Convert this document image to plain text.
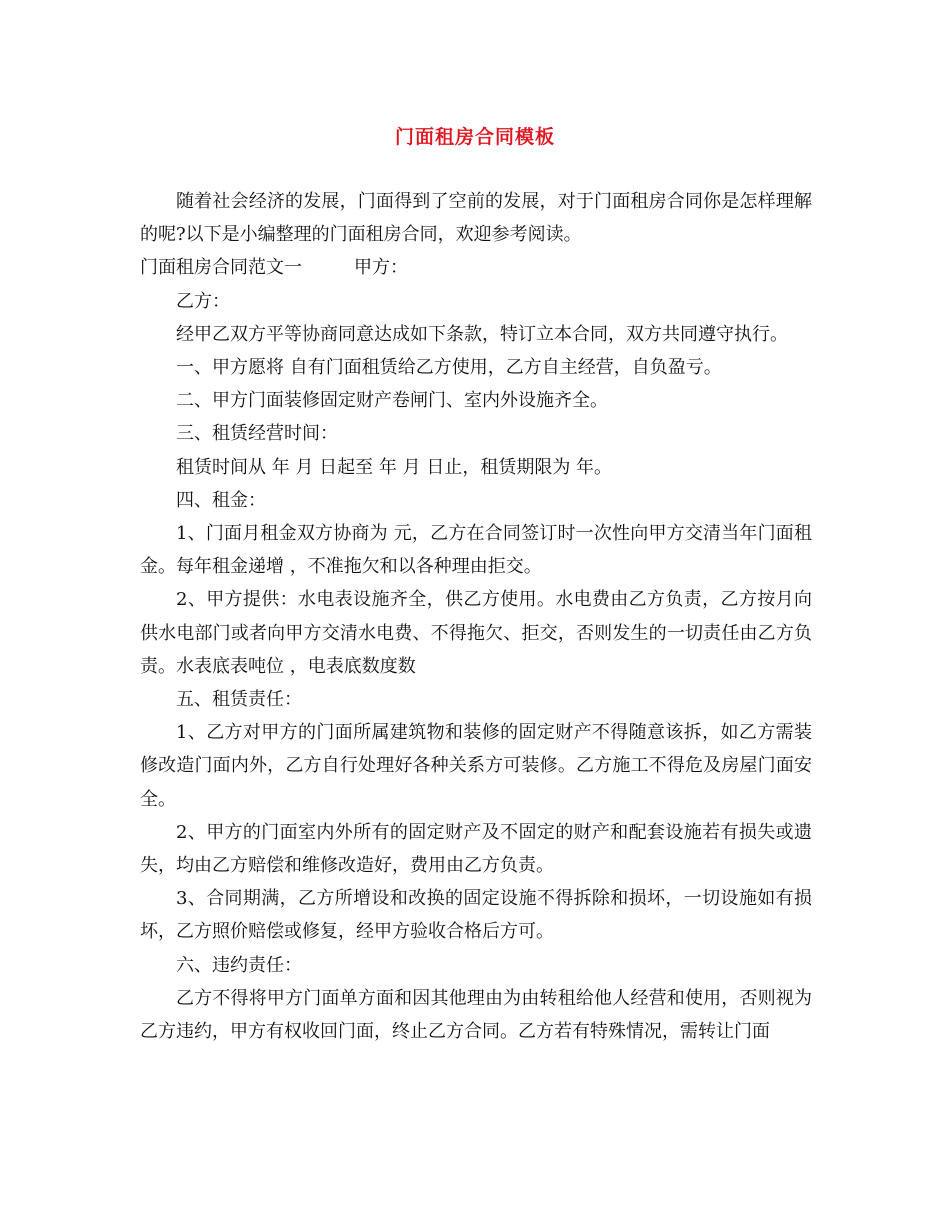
门面租房合同模板

随着社会经济的发展，门面得到了空前的发展，对于门面租房合同你是怎样理解的呢?以下是小编整理的门面租房合同，欢迎参考阅读。

门面租房合同范文一	甲方：

乙方：

经甲乙双方平等协商同意达成如下条款，特订立本合同，双方共同遵守执行。

一、甲方愿将 自有门面租赁给乙方使用，乙方自主经营，自负盈亏。

二、甲方门面装修固定财产卷闸门、室内外设施齐全。

三、租赁经营时间：

租赁时间从 年 月 日起至 年 月 日止，租赁期限为 年。

四、租金：

1、门面月租金双方协商为 元，乙方在合同签订时一次性向甲方交清当年门面租金。每年租金递增 ，不准拖欠和以各种理由拒交。

2、甲方提供：水电表设施齐全，供乙方使用。水电费由乙方负责，乙方按月向供水电部门或者向甲方交清水电费、不得拖欠、拒交，否则发生的一切责任由乙方负责。水表底表吨位 ，电表底数度数

五、租赁责任：

1、乙方对甲方的门面所属建筑物和装修的固定财产不得随意该拆，如乙方需装修改造门面内外，乙方自行处理好各种关系方可装修。乙方施工不得危及房屋门面安全。

2、甲方的门面室内外所有的固定财产及不固定的财产和配套设施若有损失或遗失，均由乙方赔偿和维修改造好，费用由乙方负责。

3、合同期满，乙方所增设和改换的固定设施不得拆除和损坏，一切设施如有损坏，乙方照价赔偿或修复，经甲方验收合格后方可。

六、违约责任：

乙方不得将甲方门面单方面和因其他理由为由转租给他人经营和使用，否则视为乙方违约，甲方有权收回门面，终止乙方合同。乙方若有特殊情况，需转让门面
